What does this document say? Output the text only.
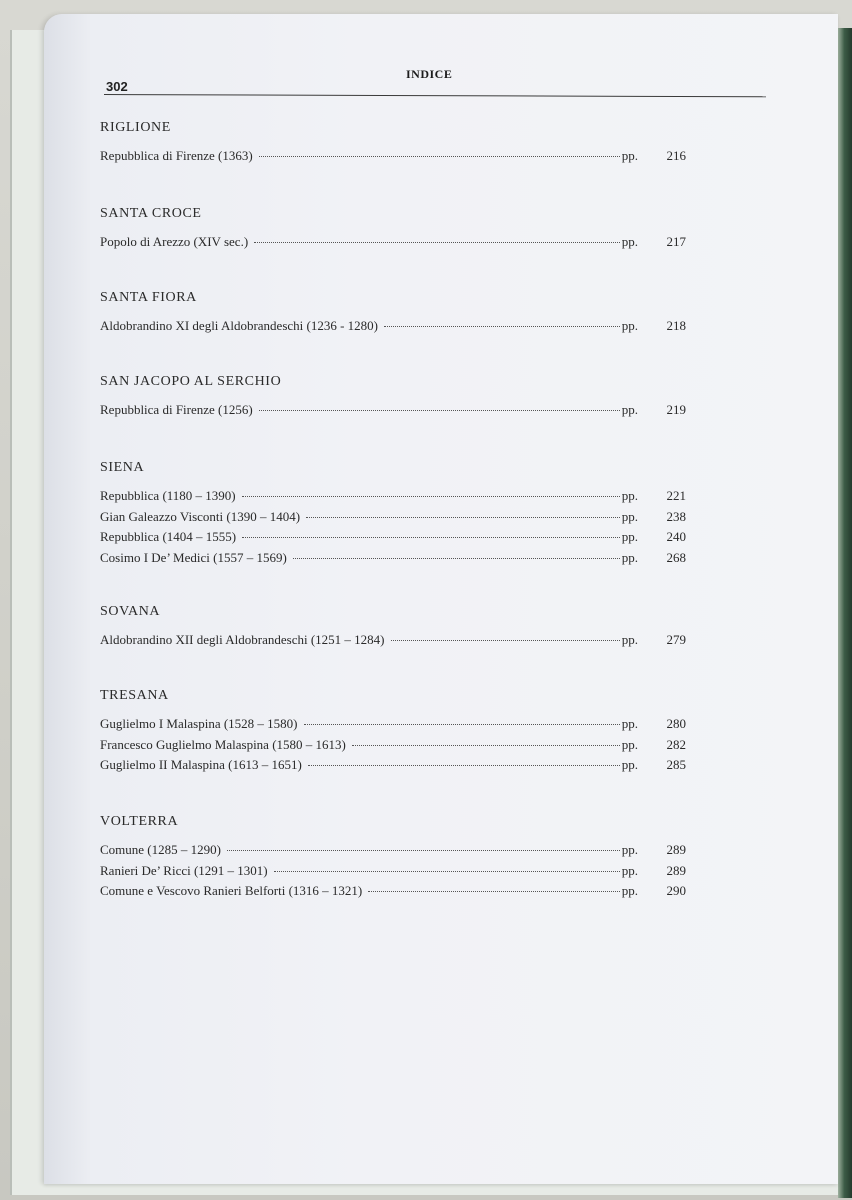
302
INDICE
RIGLIONE
Repubblica di Firenze (1363)	pp.	216
SANTA CROCE
Popolo di Arezzo (XIV sec.)	pp.	217
SANTA FIORA
Aldobrandino XI degli Aldobrandeschi (1236 - 1280)	pp.	218
SAN JACOPO AL SERCHIO
Repubblica di Firenze (1256)	pp.	219
SIENA
Repubblica (1180 – 1390)	pp.	221
Gian Galeazzo Visconti (1390 – 1404)	pp.	238
Repubblica (1404 – 1555)	pp.	240
Cosimo I De’ Medici (1557 – 1569)	pp.	268
SOVANA
Aldobrandino XII degli Aldobrandeschi (1251 – 1284)	pp.	279
TRESANA
Guglielmo I Malaspina (1528 – 1580)	pp.	280
Francesco Guglielmo Malaspina (1580 – 1613)	pp.	282
Guglielmo II Malaspina (1613 – 1651)	pp.	285
VOLTERRA
Comune (1285 – 1290)	pp.	289
Ranieri De’ Ricci (1291 – 1301)	pp.	289
Comune e Vescovo Ranieri Belforti (1316 – 1321)	pp.	290
